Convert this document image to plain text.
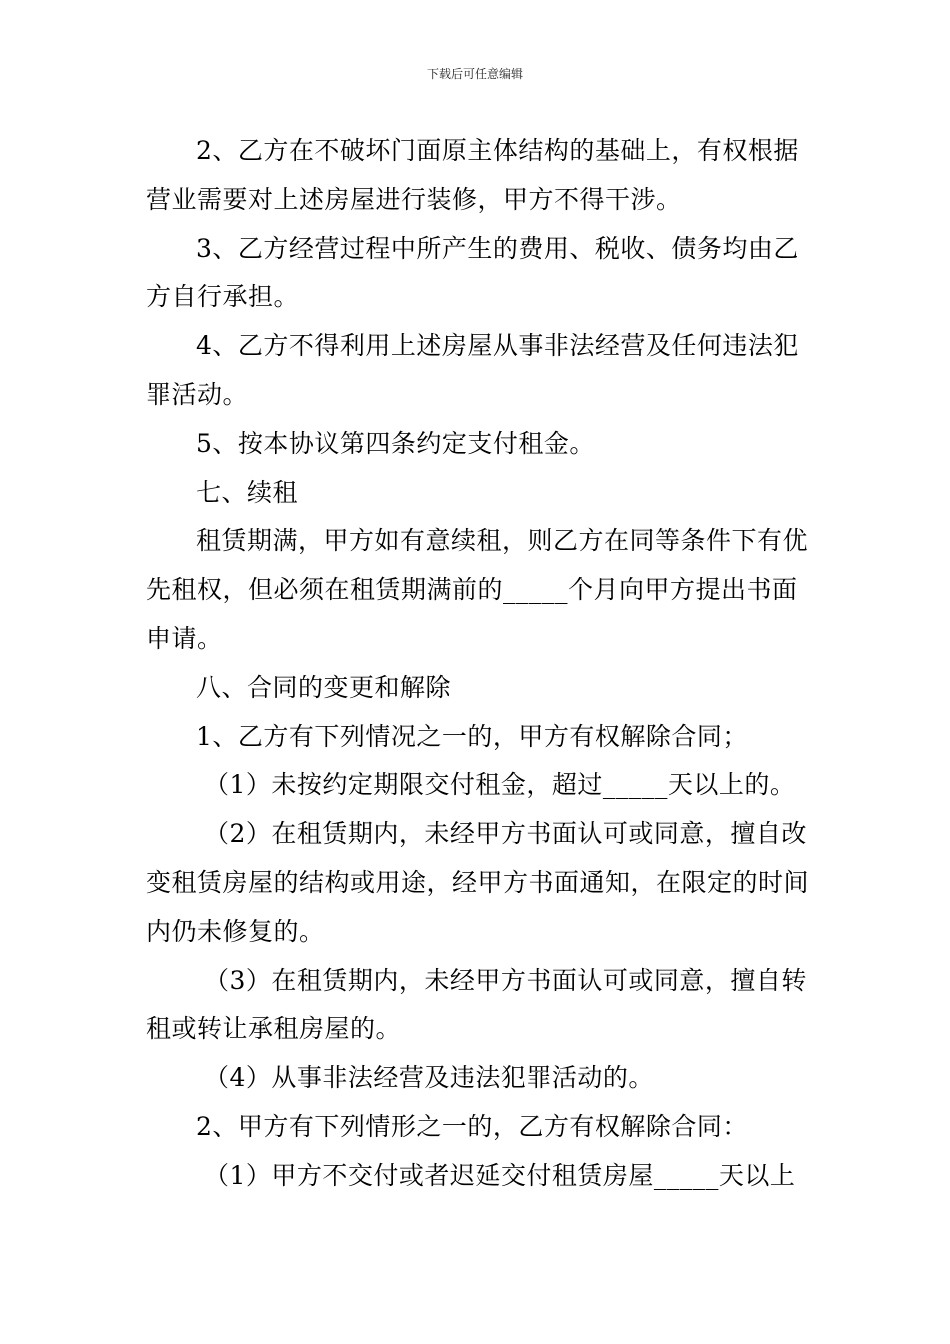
下载后可任意编辑

2、乙方在不破坏门面原主体结构的基础上，有权根据营业需要对上述房屋进行装修，甲方不得干涉。

3、乙方经营过程中所产生的费用、税收、债务均由乙方自行承担。

4、乙方不得利用上述房屋从事非法经营及任何违法犯罪活动。

5、按本协议第四条约定支付租金。

七、续租

租赁期满，甲方如有意续租，则乙方在同等条件下有优先租权，但必须在租赁期满前的_____个月向甲方提出书面申请。

八、合同的变更和解除

1、乙方有下列情况之一的，甲方有权解除合同；

（1）未按约定期限交付租金，超过_____天以上的。

（2）在租赁期内，未经甲方书面认可或同意，擅自改变租赁房屋的结构或用途，经甲方书面通知，在限定的时间内仍未修复的。

（3）在租赁期内，未经甲方书面认可或同意，擅自转租或转让承租房屋的。

（4）从事非法经营及违法犯罪活动的。

2、甲方有下列情形之一的，乙方有权解除合同：

（1）甲方不交付或者迟延交付租赁房屋_____天以上
